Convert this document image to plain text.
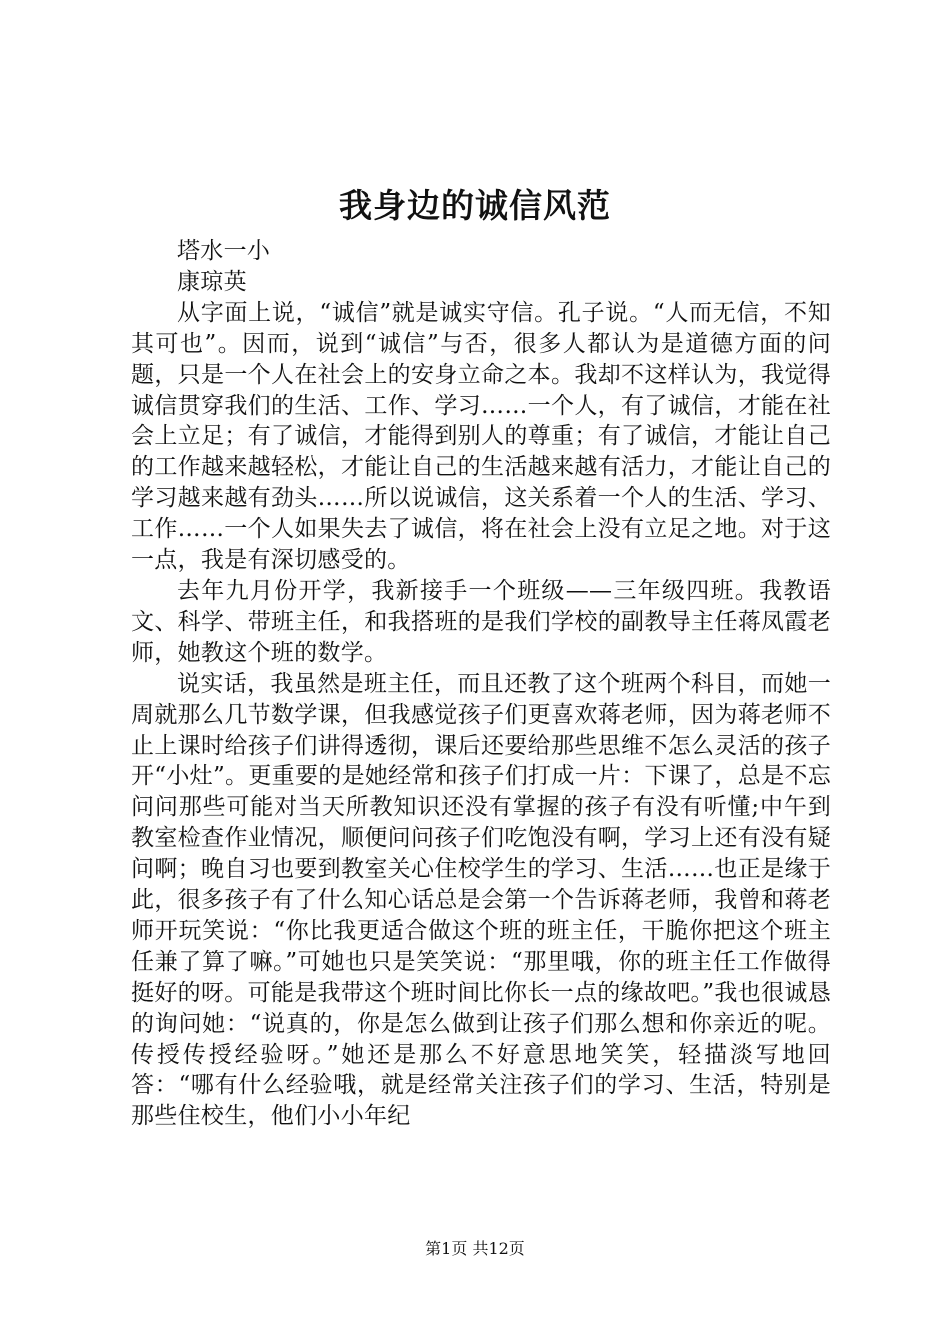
我身边的诚信风范

塔水一小

康琼英

从字面上说，“诚信”就是诚实守信。孔子说。“人而无信，不知其可也”。因而，说到“诚信”与否，很多人都认为是道德方面的问题，只是一个人在社会上的安身立命之本。我却不这样认为，我觉得诚信贯穿我们的生活、工作、学习……一个人，有了诚信，才能在社会上立足；有了诚信，才能得到别人的尊重；有了诚信，才能让自己的工作越来越轻松，才能让自己的生活越来越有活力，才能让自己的学习越来越有劲头……所以说诚信，这关系着一个人的生活、学习、工作……一个人如果失去了诚信，将在社会上没有立足之地。对于这一点，我是有深切感受的。

去年九月份开学，我新接手一个班级——三年级四班。我教语文、科学、带班主任，和我搭班的是我们学校的副教导主任蒋凤霞老师，她教这个班的数学。

说实话，我虽然是班主任，而且还教了这个班两个科目，而她一周就那么几节数学课，但我感觉孩子们更喜欢蒋老师，因为蒋老师不止上课时给孩子们讲得透彻，课后还要给那些思维不怎么灵活的孩子开“小灶”。更重要的是她经常和孩子们打成一片：下课了，总是不忘问问那些可能对当天所教知识还没有掌握的孩子有没有听懂;中午到教室检查作业情况，顺便问问孩子们吃饱没有啊，学习上还有没有疑问啊；晚自习也要到教室关心住校学生的学习、生活……也正是缘于此，很多孩子有了什么知心话总是会第一个告诉蒋老师，我曾和蒋老师开玩笑说：“你比我更适合做这个班的班主任，干脆你把这个班主任兼了算了嘛。”可她也只是笑笑说：“那里哦，你的班主任工作做得挺好的呀。可能是我带这个班时间比你长一点的缘故吧。”我也很诚恳的询问她：“说真的，你是怎么做到让孩子们那么想和你亲近的呢。传授传授经验呀。”她还是那么不好意思地笑笑，轻描淡写地回答：“哪有什么经验哦，就是经常关注孩子们的学习、生活，特别是那些住校生，他们小小年纪

第1页 共12页
